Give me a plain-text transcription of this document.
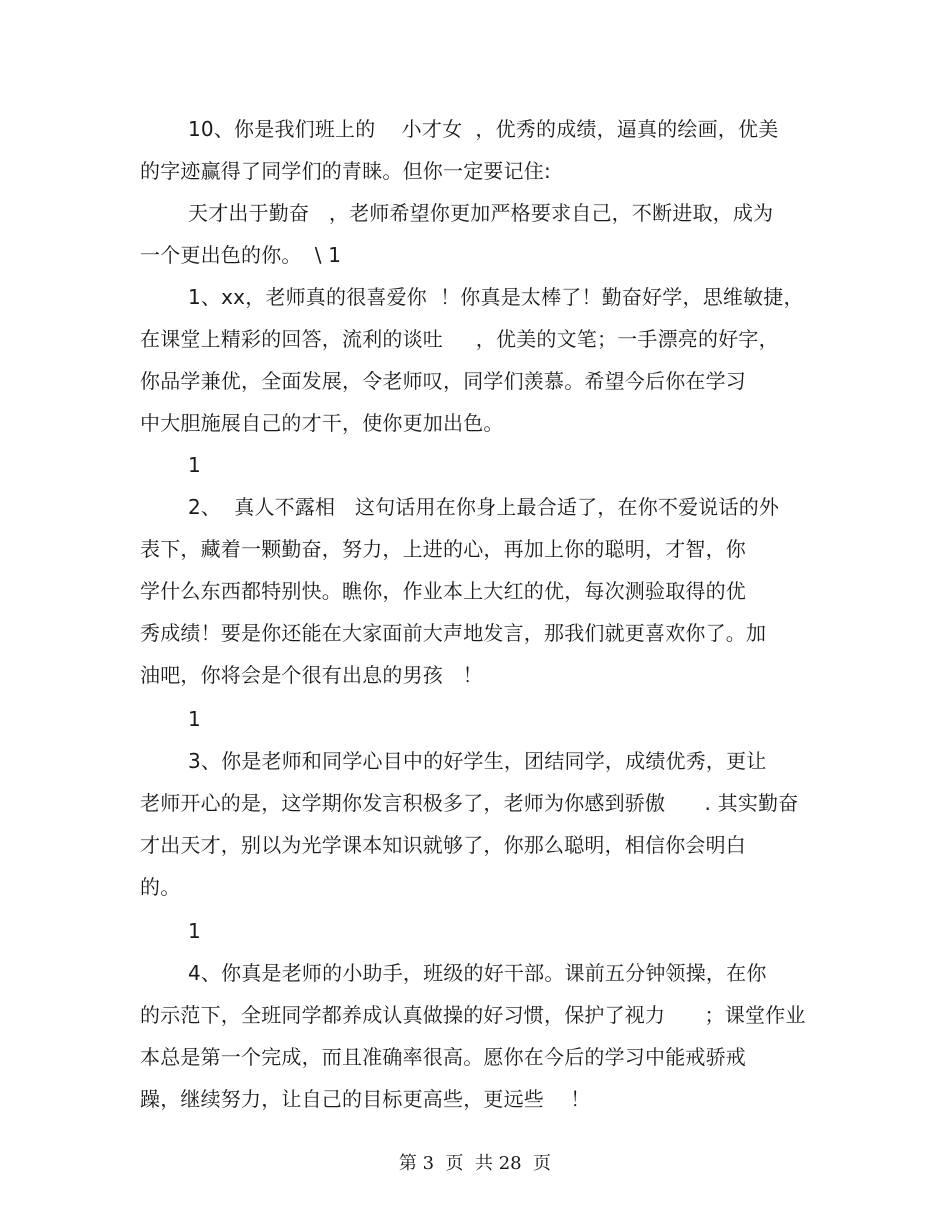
10、你是我们班上的    小才女  ，优秀的成绩，逼真的绘画，优美
的字迹赢得了同学们的青睐。但你一定要记住:
天才出于勤奋   ，老师希望你更加严格要求自己，不断进取，成为
一个更出色的你。  \ 1
1、xx，老师真的很喜爱你  ！你真是太棒了！勤奋好学，思维敏捷，
在课堂上精彩的回答，流利的谈吐     ，优美的文笔；一手漂亮的好字，
你品学兼优，全面发展，令老师叹，同学们羡慕。希望今后你在学习
中大胆施展自己的才干，使你更加出色。
1
2、  真人不露相   这句话用在你身上最合适了，在你不爱说话的外
表下，藏着一颗勤奋，努力，上进的心，再加上你的聪明，才智，你
学什么东西都特别快。瞧你，作业本上大红的优，每次测验取得的优
秀成绩！要是你还能在大家面前大声地发言，那我们就更喜欢你了。加
油吧，你将会是个很有出息的男孩   ！
1
3、你是老师和同学心目中的好学生，团结同学，成绩优秀，更让
老师开心的是，这学期你发言积极多了，老师为你感到骄傲      . 其实勤奋
才出天才，别以为光学课本知识就够了，你那么聪明，相信你会明白
的。
1
4、你真是老师的小助手，班级的好干部。课前五分钟领操，在你
的示范下，全班同学都养成认真做操的好习惯，保护了视力      ；课堂作业
本总是第一个完成，而且准确率很高。愿你在今后的学习中能戒骄戒
躁，继续努力，让自己的目标更高些，更远些    ！
第 3  页  共 28  页
